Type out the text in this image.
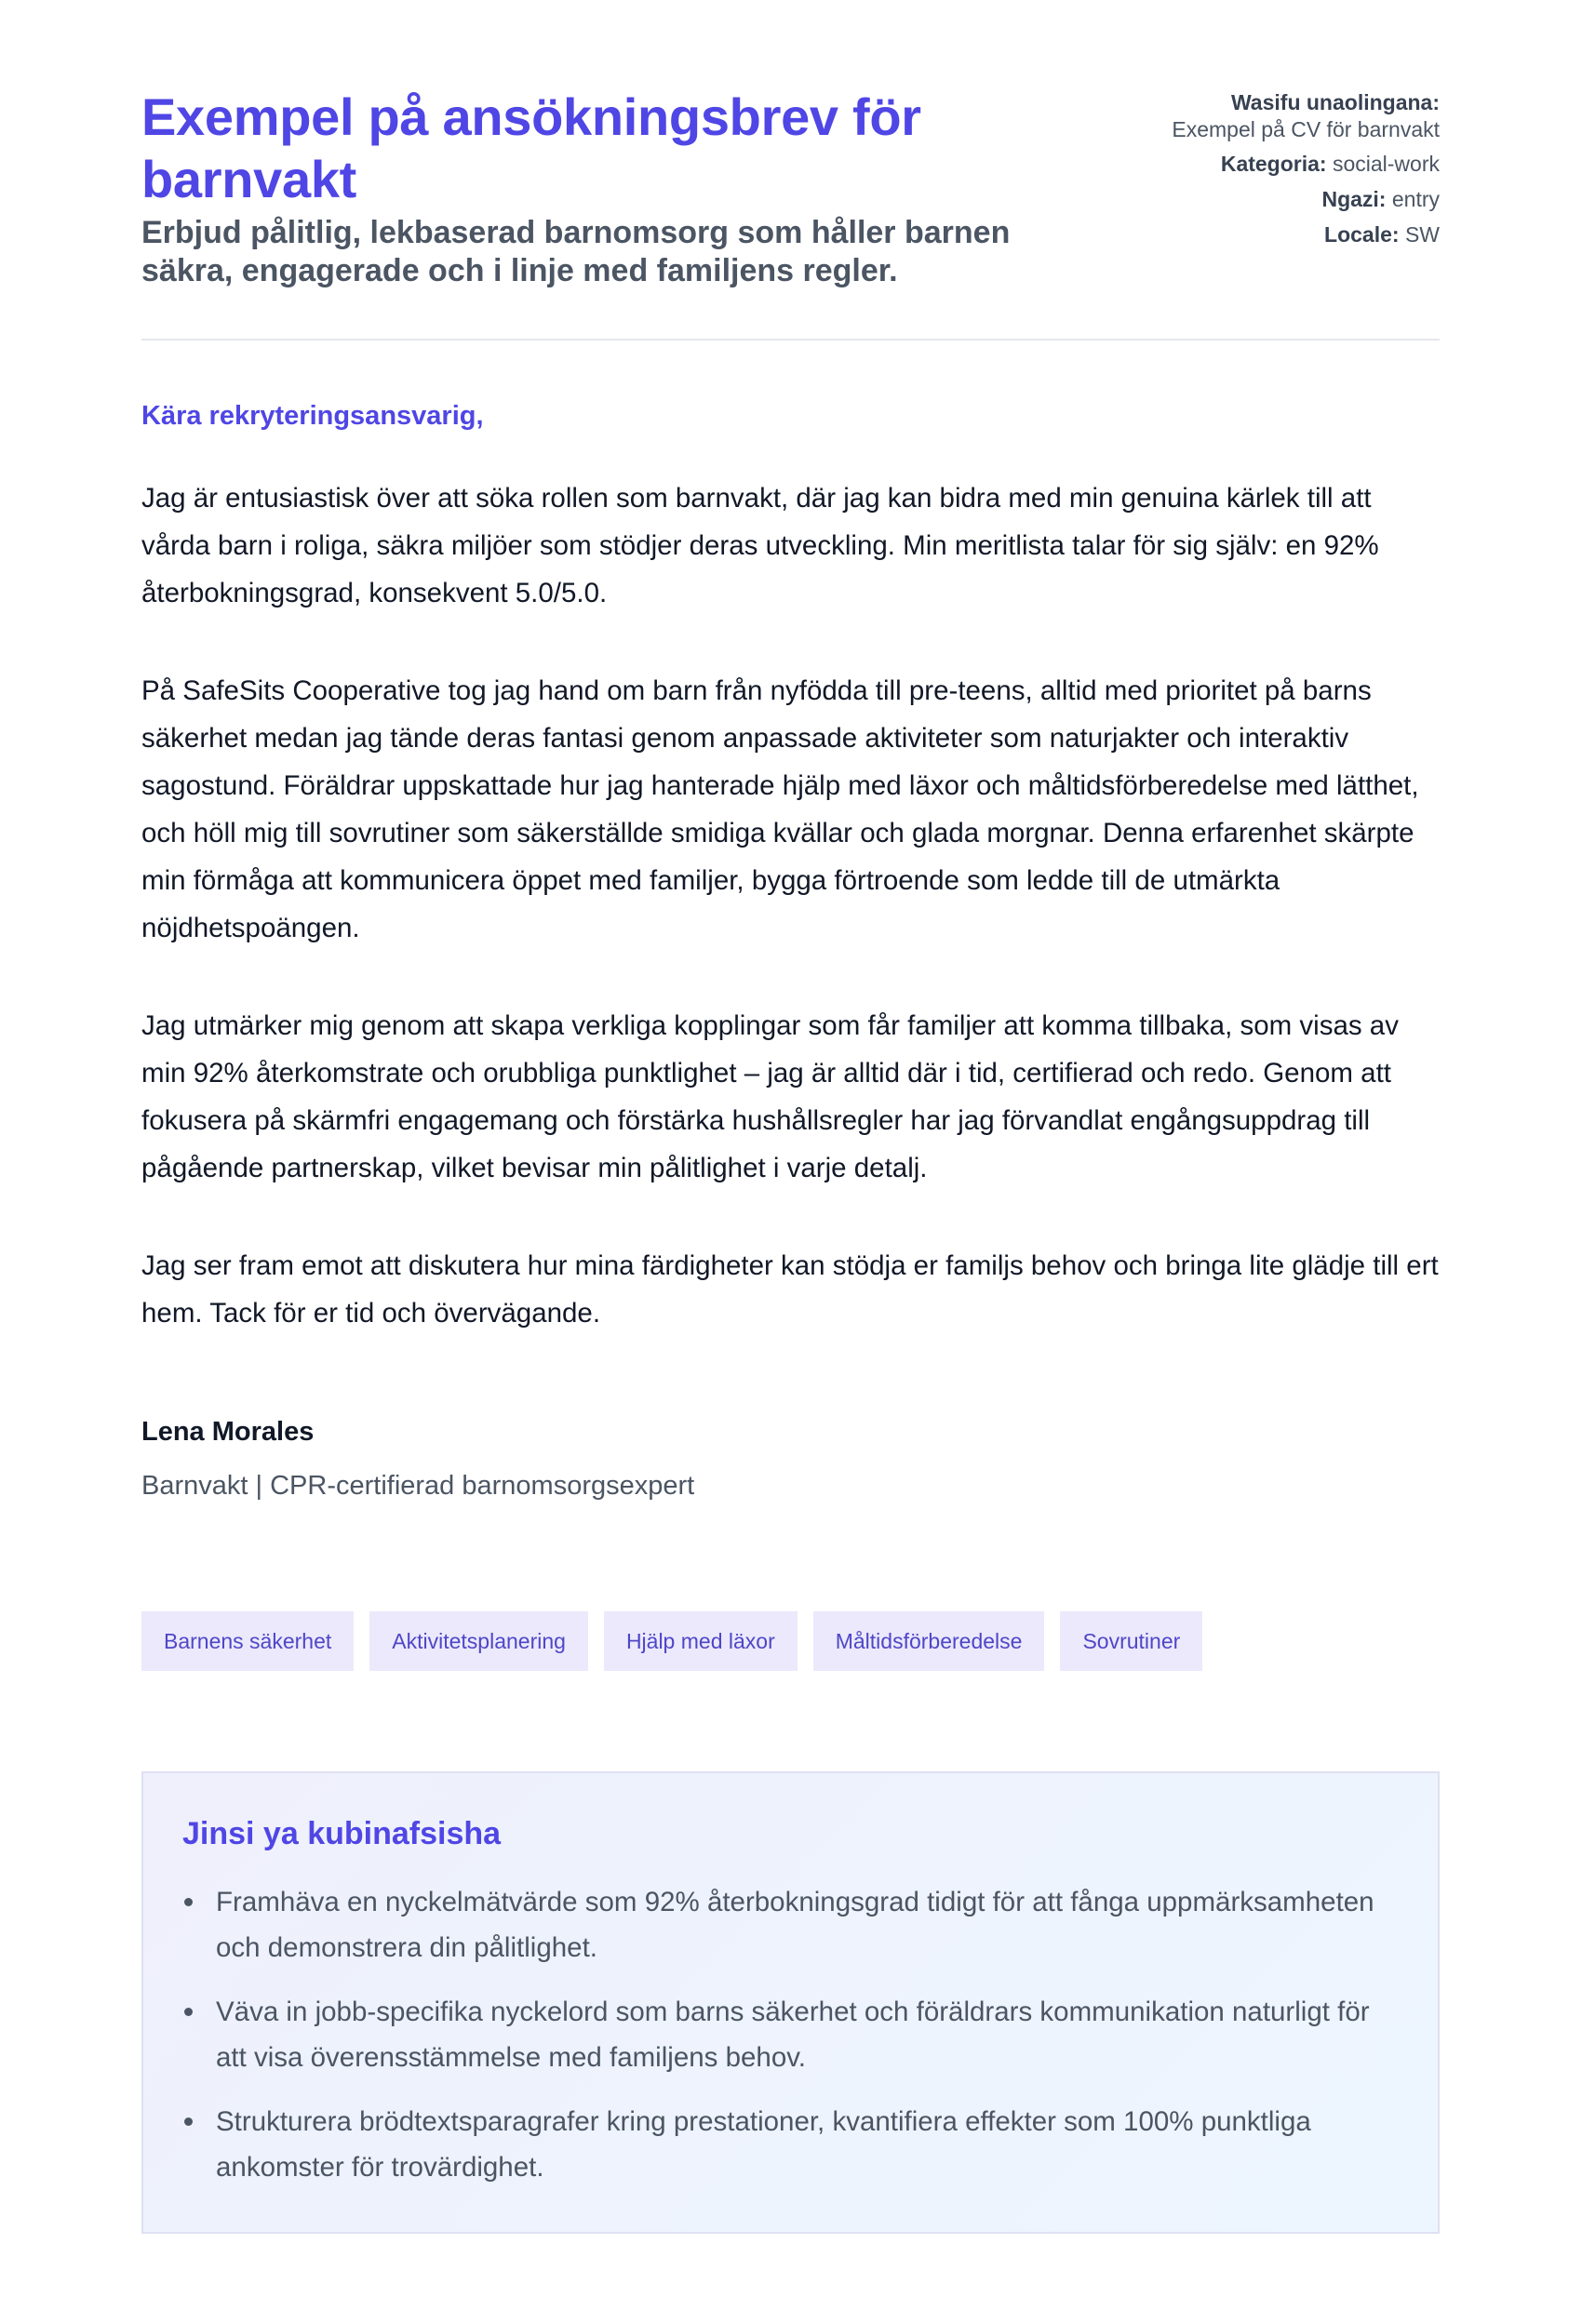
Exempel på ansökningsbrev för barnvakt

Erbjud pålitlig, lekbaserad barnomsorg som håller barnen säkra, engagerade och i linje med familjens regler.

Wasifu unaolingana:
Exempel på CV för barnvakt
Kategoria: social-work
Ngazi: entry
Locale: SW

Kära rekryteringsansvarig,

Jag är entusiastisk över att söka rollen som barnvakt, där jag kan bidra med min genuina kärlek till att vårda barn i roliga, säkra miljöer som stödjer deras utveckling. Min meritlista talar för sig själv: en 92% återbokningsgrad, konsekvent 5.0/5.0.

På SafeSits Cooperative tog jag hand om barn från nyfödda till pre-teens, alltid med prioritet på barns säkerhet medan jag tände deras fantasi genom anpassade aktiviteter som naturjakter och interaktiv sagostund. Föräldrar uppskattade hur jag hanterade hjälp med läxor och måltidsförberedelse med lätthet, och höll mig till sovrutiner som säkerställde smidiga kvällar och glada morgnar. Denna erfarenhet skärpte min förmåga att kommunicera öppet med familjer, bygga förtroende som ledde till de utmärkta nöjdhetspoängen.

Jag utmärker mig genom att skapa verkliga kopplingar som får familjer att komma tillbaka, som visas av min 92% återkomstrate och orubbliga punktlighet – jag är alltid där i tid, certifierad och redo. Genom att fokusera på skärmfri engagemang och förstärka hushållsregler har jag förvandlat engångsuppdrag till pågående partnerskap, vilket bevisar min pålitlighet i varje detalj.

Jag ser fram emot att diskutera hur mina färdigheter kan stödja er familjs behov och bringa lite glädje till ert hem. Tack för er tid och övervägande.

Lena Morales
Barnvakt | CPR-certifierad barnomsorgsexpert
Barnens säkerhet	Aktivitetsplanering	Hjälp med läxor	Måltidsförberedelse	Sovrutiner
Jinsi ya kubinafsisha
Framhäva en nyckelmätvärde som 92% återbokningsgrad tidigt för att fånga uppmärksamheten och demonstrera din pålitlighet.
Väva in jobb-specifika nyckelord som barns säkerhet och föräldrars kommunikation naturligt för att visa överensstämmelse med familjens behov.
Strukturera brödtextsparagrafer kring prestationer, kvantifiera effekter som 100% punktliga ankomster för trovärdighet.
